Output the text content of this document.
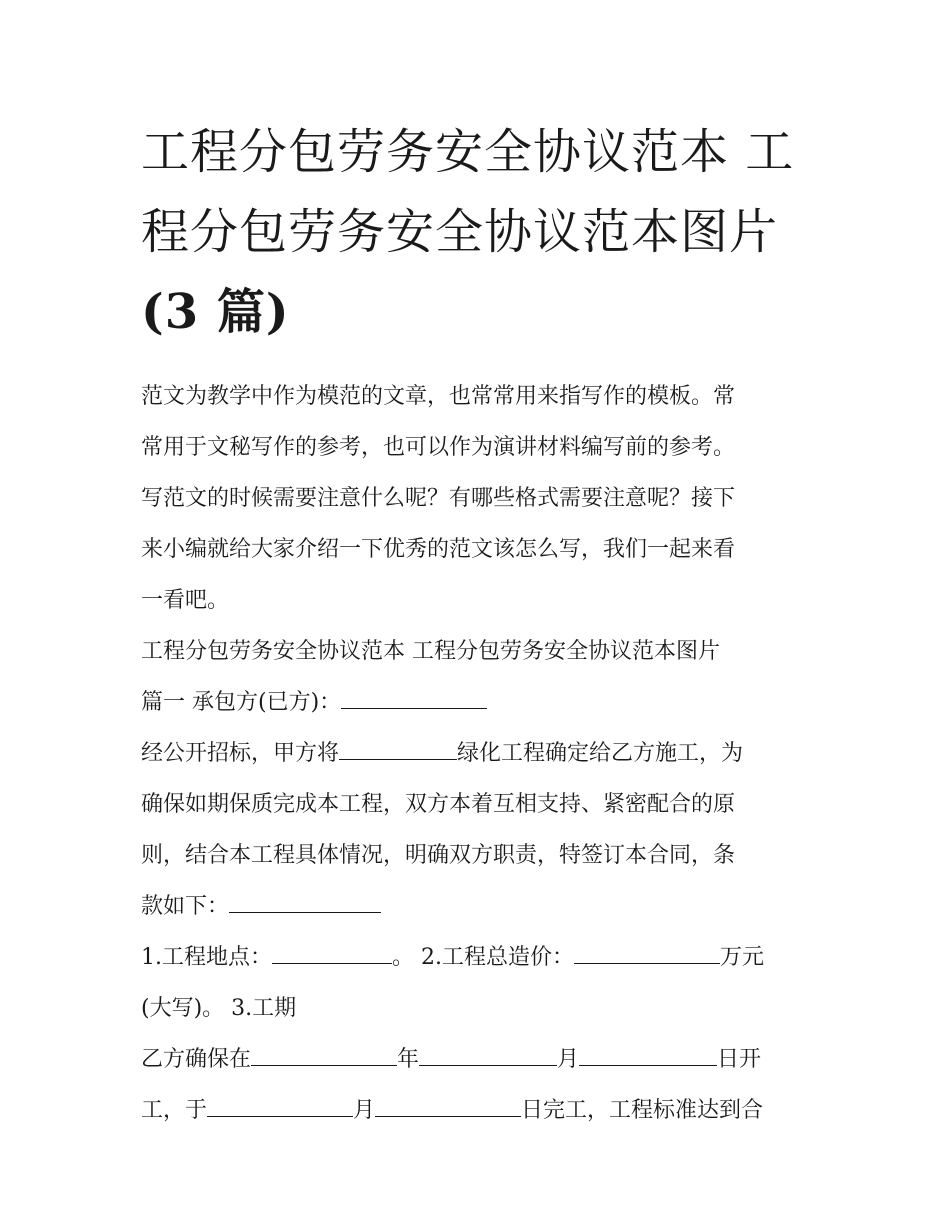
工程分包劳务安全协议范本 工
程分包劳务安全协议范本图片
(3 篇)

范文为教学中作为模范的文章，也常常用来指写作的模板。常
常用于文秘写作的参考，也可以作为演讲材料编写前的参考。
写范文的时候需要注意什么呢？有哪些格式需要注意呢？接下
来小编就给大家介绍一下优秀的范文该怎么写，我们一起来看
一看吧。

工程分包劳务安全协议范本 工程分包劳务安全协议范本图片

篇一 承包方(已方)：

经公开招标，甲方将	绿化工程确定给乙方施工，为
确保如期保质完成本工程，双方本着互相支持、紧密配合的原
则，结合本工程具体情况，明确双方职责，特签订本合同，条
款如下：

1.工程地点：	。 2.工程总造价：	万元
(大写)。 3.工期

乙方确保在	年	月	日开
工，于	月	日完工，工程标准达到合
